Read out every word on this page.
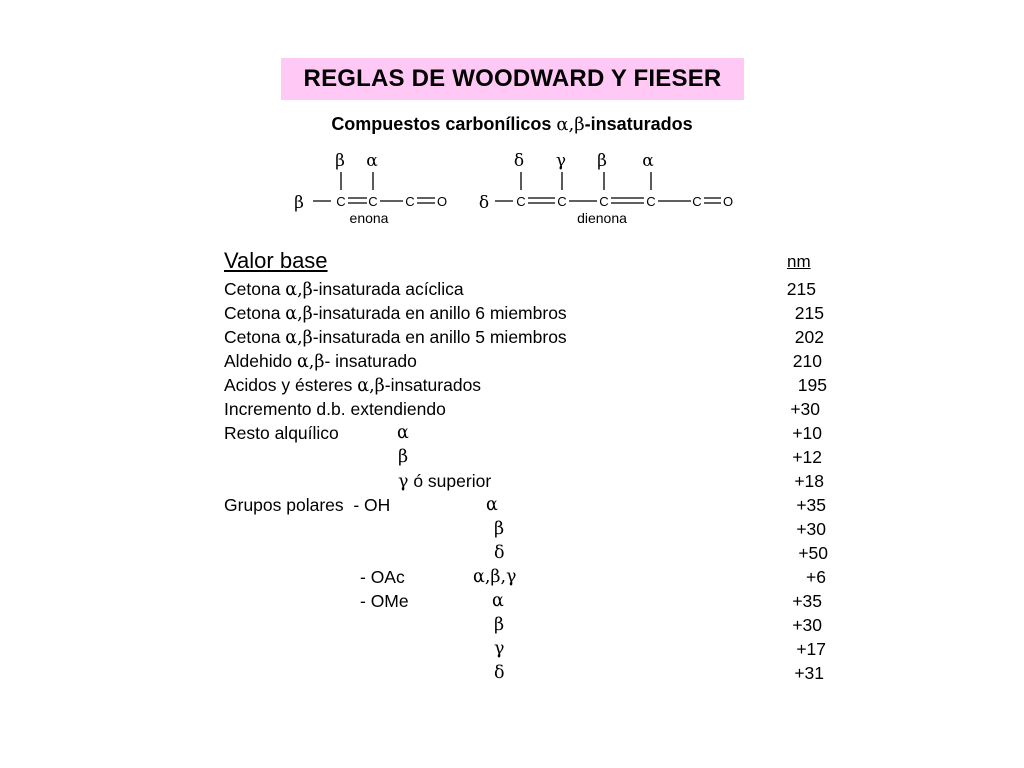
REGLAS DE WOODWARD Y FIESER
Compuestos carbonílicos α,β-insaturados
β α
β C C C O
enona
δ γ β α
δ C C	C	C	C O
dienona
Valor base	nm
Cetona α,β-insaturada acíclica	215
Cetona α,β-insaturada en anillo 6 miembros	215
Cetona α,β-insaturada en anillo 5 miembros	202
Aldehido α,β- insaturado	210
Acidos y ésteres α,β-insaturados	195
Incremento d.b. extendiendo	+30
Resto alquílico	α	+10
β	+12
γ ó superior	+18
Grupos polares  - OH	α	+35
β	+30
δ	+50
- OAc	α,β,γ	+6
- OMe	α	+35
β	+30
γ	+17
δ	+31
